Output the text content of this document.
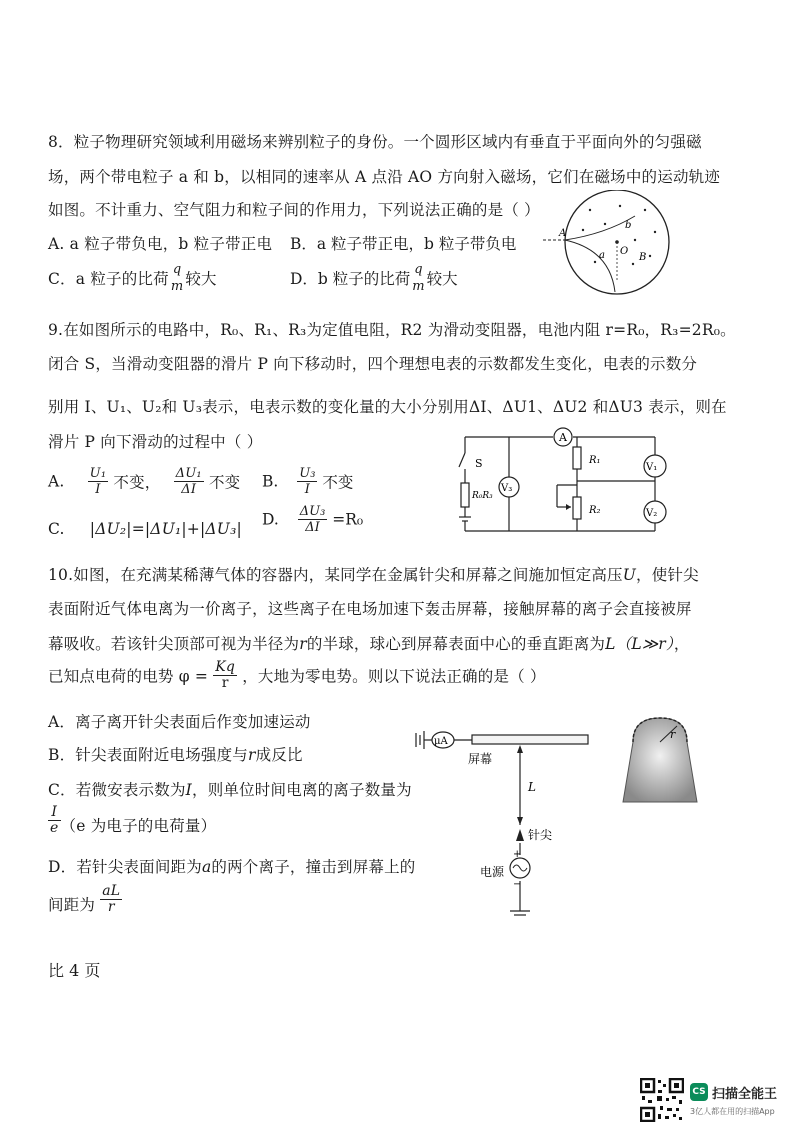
8．粒子物理研究领域利用磁场来辨别粒子的身份。一个圆形区域内有垂直于平面向外的匀强磁
场，两个带电粒子 a 和 b，以相同的速率从 A 点沿 AO 方向射入磁场，它们在磁场中的运动轨迹
如图。不计重力、空气阻力和粒子间的作用力，下列说法正确的是（ ）
A. a 粒子带负电，b 粒子带正电 B．a 粒子带正电，b 粒子带负电
C．a 粒子的比荷
q
m 较大	D．b 粒子的比荷
q
m 较大
A
b
a O
B
9.在如图所示的电路中，R₀、R₁、R₃为定值电阻，R2 为滑动变阻器，电池内阻 r=R₀，R₃=2R₀。
闭合 S，当滑动变阻器的滑片 P 向下移动时，四个理想电表的示数都发生变化，电表的示数分
别用 I、U₁、U₂和 U₃表示，电表示数的变化量的大小分别用ΔI、ΔU1、ΔU2 和ΔU3 表示，则在
滑片 P 向下滑动的过程中（ ）
A. $\frac{\text{U₁}}{I}$ 不变， $\frac{\text{ΔU₁}}{\Delta I}$ 不变 B. $\frac{\text{U₃}}{I}$ 不变
C. |ΔU₂|=|ΔU₁|+|ΔU₃|
D. $\frac{\text{ΔU₃}}{\Delta I} =R_0$
A
V₃
V₁
V₂
S
R₀R₃
R₁
R₂
10.如图，在充满某稀薄气体的容器内，某同学在金属针尖和屏幕之间施加恒定高压U，使针尖
表面附近气体电离为一价离子，这些离子在电场加速下轰击屏幕，接触屏幕的离子会直接被屏
幕吸收。若该针尖顶部可视为半径为r的半球，球心到屏幕表面中心的垂直距离为L（L≫r），
已知点电荷的电势 $\varphi = \frac{Kq}{r}$ ，大地为零电势。则以下说法正确的是（ ）
A．离子离开针尖表面后作变加速运动
B．针尖表面附近电场强度与r成反比
C．若微安表示数为I，则单位时间电离的离子数量为
$\frac{I}{e} (e$ 为电子的电荷量）
D．若针尖表面间距为a的两个离子，撞击到屏幕上的
间距为 $\frac{aL}{r}$
μA
屏幕
L
针尖
+
−
电源
r
比 4 页
CS 扫描全能王
3亿人都在用的扫描App
